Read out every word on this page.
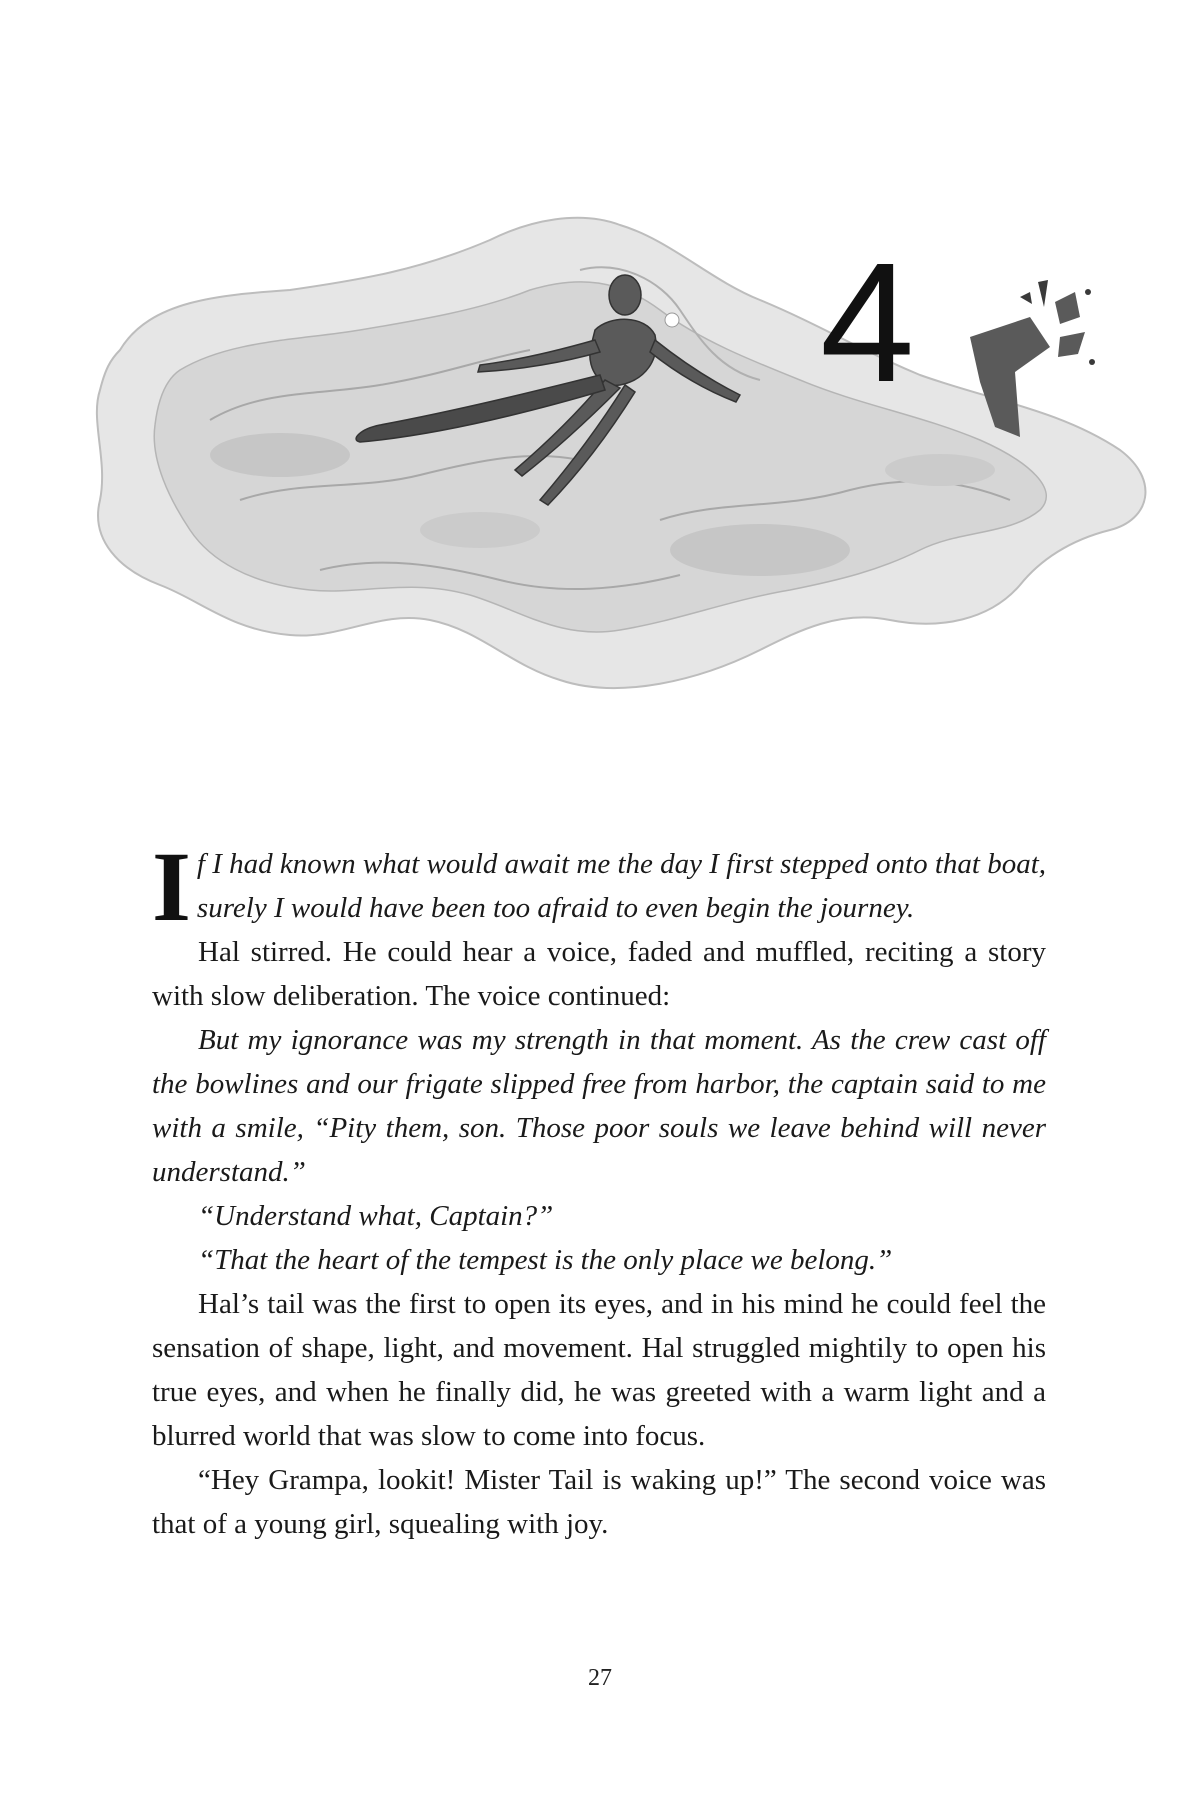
4

If I had known what would await me the day I first stepped onto that boat, surely I would have been too afraid to even begin the journey.

Hal stirred. He could hear a voice, faded and muffled, reciting a story with slow deliberation. The voice continued:

But my ignorance was my strength in that moment. As the crew cast off the bowlines and our frigate slipped free from harbor, the captain said to me with a smile, “Pity them, son. Those poor souls we leave behind will never understand.”

“Understand what, Captain?”

“That the heart of the tempest is the only place we belong.”

Hal’s tail was the first to open its eyes, and in his mind he could feel the sensation of shape, light, and movement. Hal struggled mightily to open his true eyes, and when he finally did, he was greeted with a warm light and a blurred world that was slow to come into focus.

“Hey Grampa, lookit! Mister Tail is waking up!” The second voice was that of a young girl, squealing with joy.

27
